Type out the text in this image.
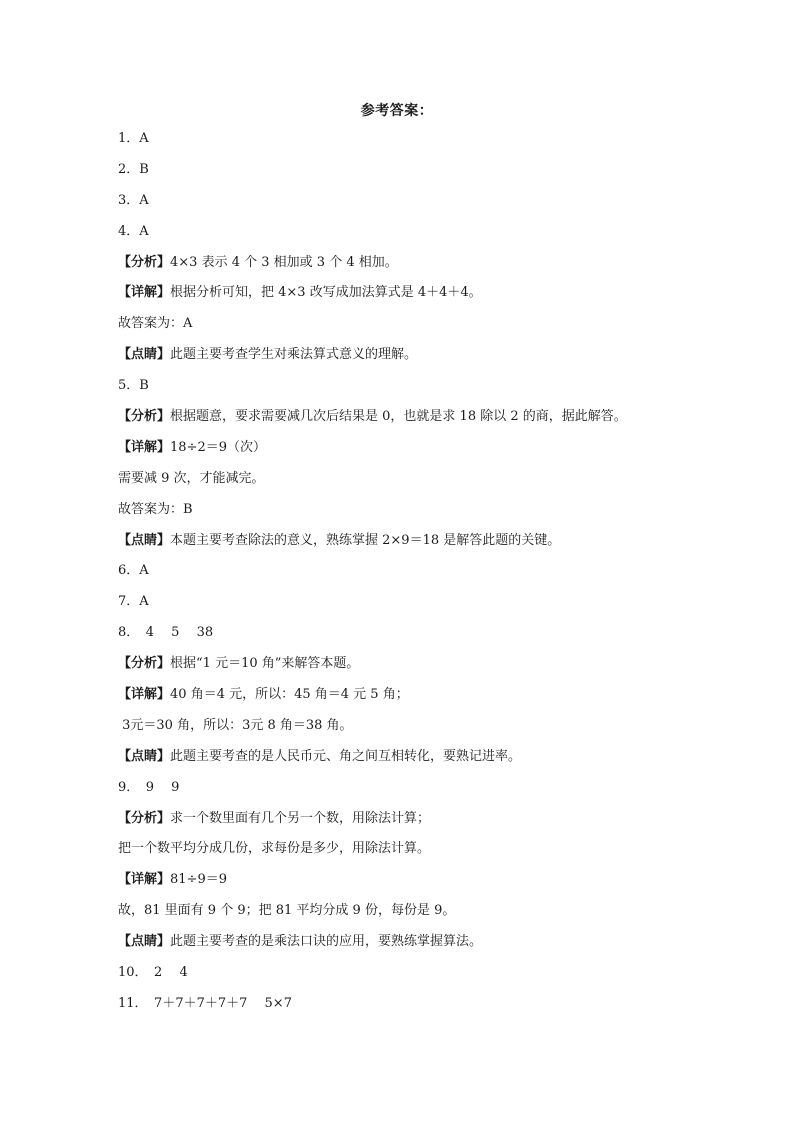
参考答案：
1．A
2．B
3．A
4．A
【分析】4×3 表示 4 个 3 相加或 3 个 4 相加。
【详解】根据分析可知，把 4×3 改写成加法算式是 4＋4＋4。
故答案为：A
【点睛】此题主要考查学生对乘法算式意义的理解。
5．B
【分析】根据题意，要求需要减几次后结果是 0，也就是求 18 除以 2 的商，据此解答。
【详解】18÷2＝9（次）
需要减 9 次，才能减完。
故答案为：B
【点睛】本题主要考查除法的意义，熟练掌握 2×9＝18 是解答此题的关键。
6．A
7．A
8．　4　 5　 38
【分析】根据“1 元＝10 角”来解答本题。
【详解】40 角＝4 元，所以：45 角＝4 元 5 角；
3元＝30 角，所以：3元 8 角＝38 角。
【点睛】此题主要考查的是人民币元、角之间互相转化，要熟记进率。
9．　9　 9
【分析】求一个数里面有几个另一个数，用除法计算；
把一个数平均分成几份，求每份是多少，用除法计算。
【详解】81÷9＝9
故，81 里面有 9 个 9；把 81 平均分成 9 份，每份是 9。
【点睛】此题主要考查的是乘法口诀的应用，要熟练掌握算法。
10．　2　 4
11．　7＋7＋7＋7＋7　 5×7
